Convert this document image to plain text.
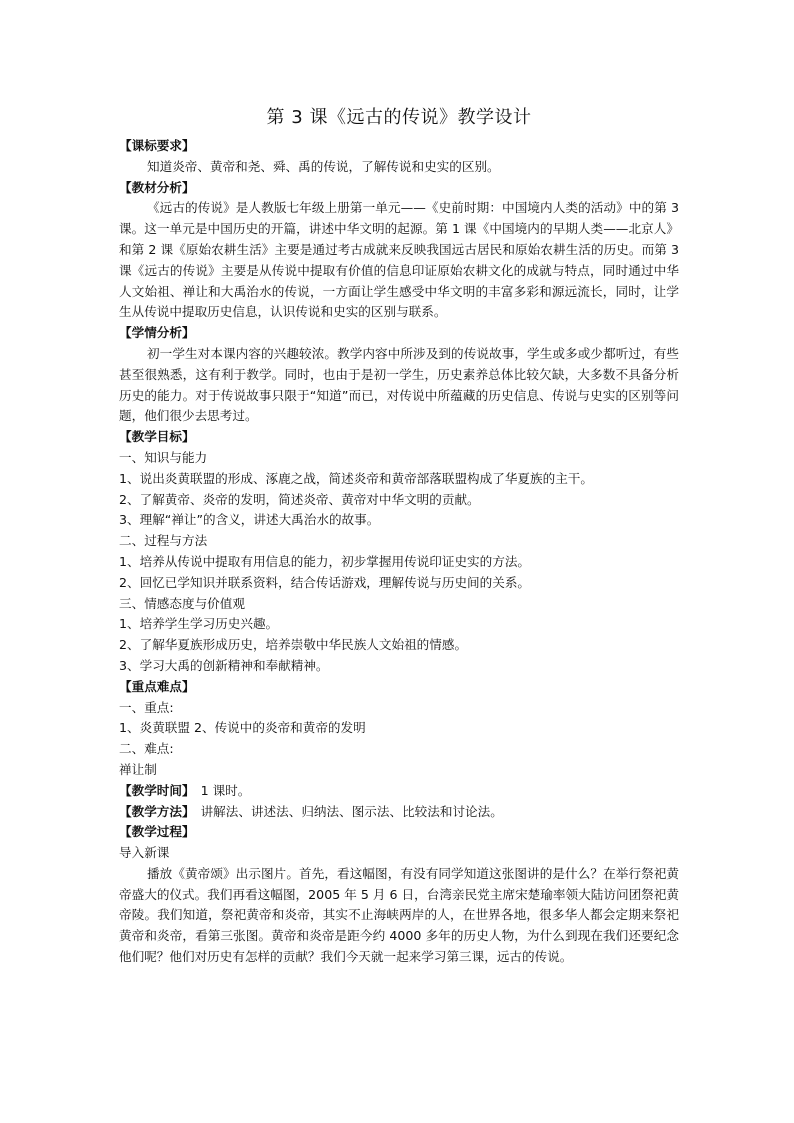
第 3 课《远古的传说》教学设计
【课标要求】
知道炎帝、黄帝和尧、舜、禹的传说，了解传说和史实的区别。
【教材分析】
《远古的传说》是人教版七年级上册第一单元——《史前时期：中国境内人类的活动》中的第 3 课。这一单元是中国历史的开篇，讲述中华文明的起源。第 1 课《中国境内的早期人类——北京人》和第 2 课《原始农耕生活》主要是通过考古成就来反映我国远古居民和原始农耕生活的历史。而第 3 课《远古的传说》主要是从传说中提取有价值的信息印证原始农耕文化的成就与特点，同时通过中华人文始祖、禅让和大禹治水的传说，一方面让学生感受中华文明的丰富多彩和源远流长，同时，让学生从传说中提取历史信息，认识传说和史实的区别与联系。
【学情分析】
初一学生对本课内容的兴趣较浓。教学内容中所涉及到的传说故事，学生或多或少都听过，有些甚至很熟悉，这有利于教学。同时，也由于是初一学生，历史素养总体比较欠缺，大多数不具备分析历史的能力。对于传说故事只限于“知道”而已，对传说中所蕴藏的历史信息、传说与史实的区别等问题，他们很少去思考过。
【教学目标】
一、知识与能力
1、说出炎黄联盟的形成、涿鹿之战，简述炎帝和黄帝部落联盟构成了华夏族的主干。
2、了解黄帝、炎帝的发明，简述炎帝、黄帝对中华文明的贡献。
3、理解“禅让”的含义，讲述大禹治水的故事。
二、过程与方法
1、培养从传说中提取有用信息的能力，初步掌握用传说印证史实的方法。
2、回忆已学知识并联系资料，结合传话游戏，理解传说与历史间的关系。
三、情感态度与价值观
1、培养学生学习历史兴趣。
2、了解华夏族形成历史，培养崇敬中华民族人文始祖的情感。
3、学习大禹的创新精神和奉献精神。
【重点难点】
一、重点:
1、炎黄联盟 2、传说中的炎帝和黄帝的发明
二、难点:
禅让制
【教学时间】 1 课时。
【教学方法】 讲解法、讲述法、归纳法、图示法、比较法和讨论法。
【教学过程】
导入新课
播放《黄帝颂》出示图片。首先，看这幅图，有没有同学知道这张图讲的是什么？在举行祭祀黄帝盛大的仪式。我们再看这幅图，2005 年 5 月 6 日，台湾亲民党主席宋楚瑜率领大陆访问团祭祀黄帝陵。我们知道，祭祀黄帝和炎帝，其实不止海峡两岸的人，在世界各地，很多华人都会定期来祭祀黄帝和炎帝，看第三张图。黄帝和炎帝是距今约 4000 多年的历史人物，为什么到现在我们还要纪念他们呢？他们对历史有怎样的贡献？我们今天就一起来学习第三课，远古的传说。
